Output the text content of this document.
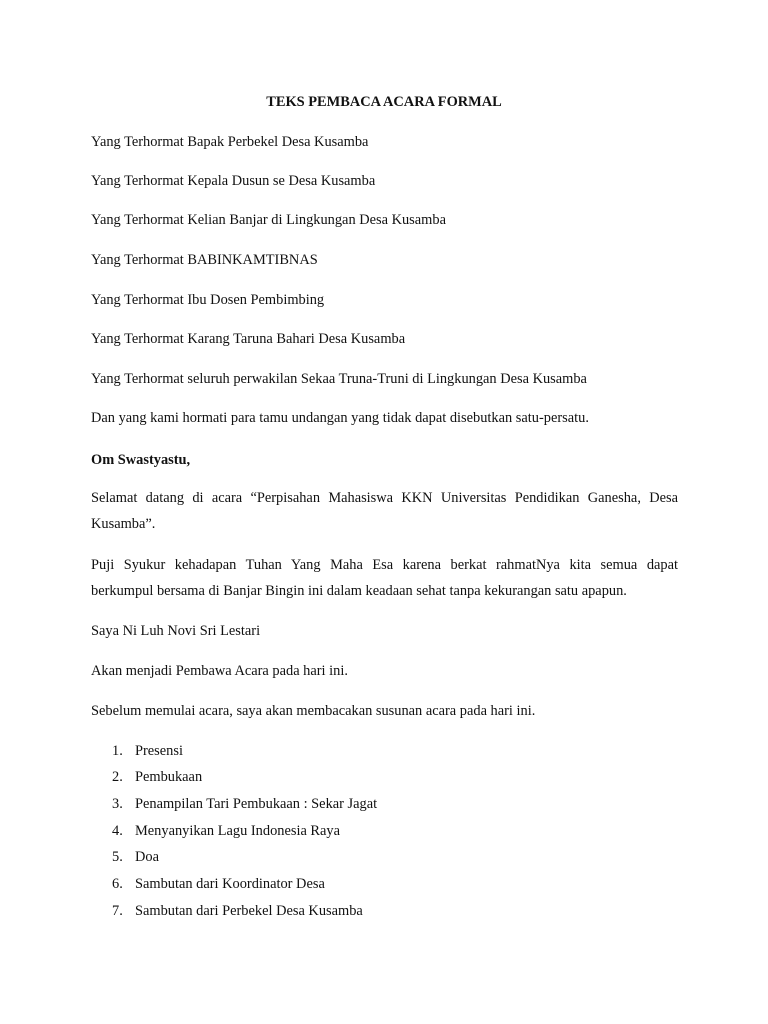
TEKS PEMBACA ACARA FORMAL
Yang Terhormat Bapak Perbekel Desa Kusamba
Yang Terhormat Kepala Dusun se Desa Kusamba
Yang Terhormat Kelian Banjar di Lingkungan Desa Kusamba
Yang Terhormat BABINKAMTIBNAS
Yang Terhormat Ibu Dosen Pembimbing
Yang Terhormat Karang Taruna Bahari Desa Kusamba
Yang Terhormat seluruh perwakilan Sekaa Truna-Truni di Lingkungan Desa Kusamba
Dan yang kami hormati para tamu undangan yang tidak dapat disebutkan satu-persatu.
Om Swastyastu,
Selamat datang di acara “Perpisahan Mahasiswa KKN Universitas Pendidikan Ganesha, Desa
Kusamba”.
Puji Syukur kehadapan Tuhan Yang Maha Esa karena berkat rahmatNya kita semua dapat
berkumpul bersama di Banjar Bingin ini dalam keadaan sehat tanpa kekurangan satu apapun.
Saya Ni Luh Novi Sri Lestari
Akan menjadi Pembawa Acara pada hari ini.
Sebelum memulai acara, saya akan membacakan susunan acara pada hari ini.
1. Presensi
2. Pembukaan
3. Penampilan Tari Pembukaan : Sekar Jagat
4. Menyanyikan Lagu Indonesia Raya
5. Doa
6. Sambutan dari Koordinator Desa
7. Sambutan dari Perbekel Desa Kusamba
